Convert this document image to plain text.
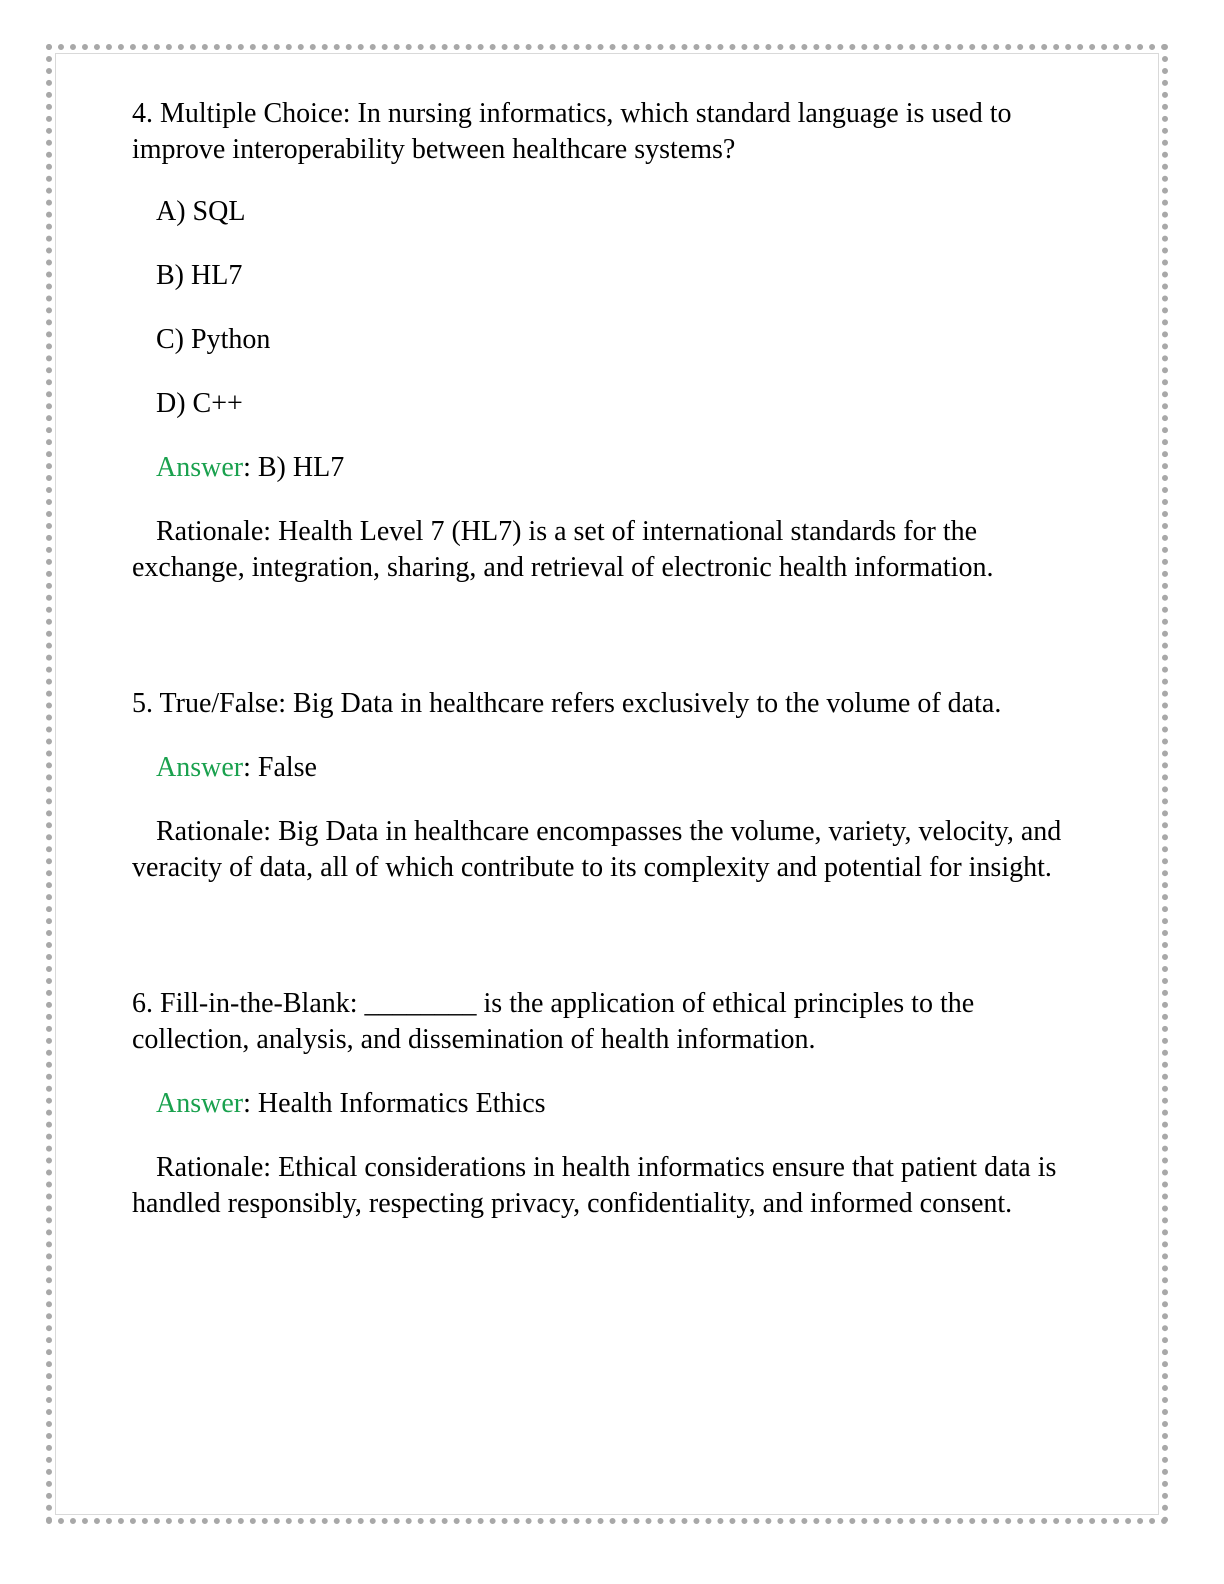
4. Multiple Choice: In nursing informatics, which standard language is used to improve interoperability between healthcare systems?

A) SQL

B) HL7

C) Python

D) C++

Answer: B) HL7

Rationale: Health Level 7 (HL7) is a set of international standards for the exchange, integration, sharing, and retrieval of electronic health information.

5. True/False: Big Data in healthcare refers exclusively to the volume of data.

Answer: False

Rationale: Big Data in healthcare encompasses the volume, variety, velocity, and veracity of data, all of which contribute to its complexity and potential for insight.

6. Fill-in-the-Blank: ________ is the application of ethical principles to the collection, analysis, and dissemination of health information.

Answer: Health Informatics Ethics

Rationale: Ethical considerations in health informatics ensure that patient data is handled responsibly, respecting privacy, confidentiality, and informed consent.
